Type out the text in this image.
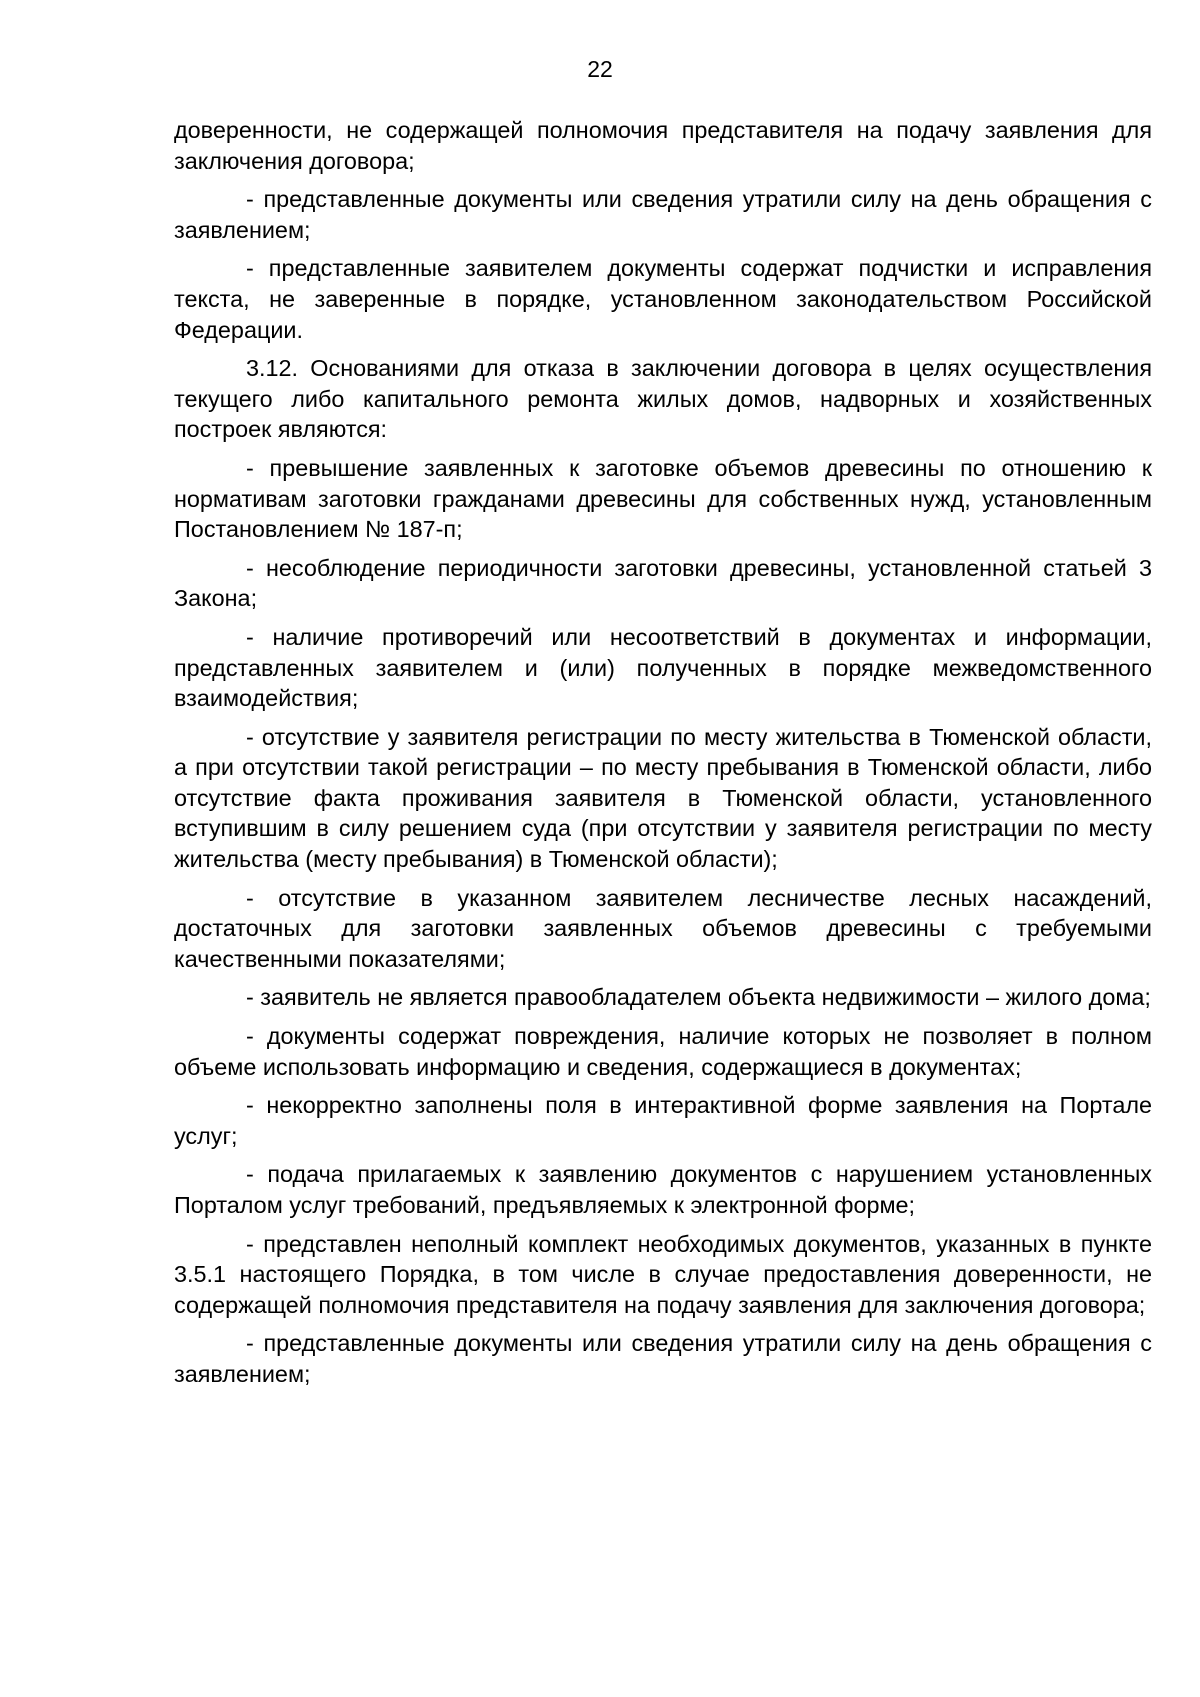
22

доверенности, не содержащей полномочия представителя на подачу заявления для заключения договора;

- представленные документы или сведения утратили силу на день обращения с заявлением;

- представленные заявителем документы содержат подчистки и исправления текста, не заверенные в порядке, установленном законодательством Российской Федерации.

3.12. Основаниями для отказа в заключении договора в целях осуществления текущего либо капитального ремонта жилых домов, надворных и хозяйственных построек являются:

- превышение заявленных к заготовке объемов древесины по отношению к нормативам заготовки гражданами древесины для собственных нужд, установленным Постановлением № 187-п;

- несоблюдение периодичности заготовки древесины, установленной статьей 3 Закона;

- наличие противоречий или несоответствий в документах и информации, представленных заявителем и (или) полученных в порядке межведомственного взаимодействия;

- отсутствие у заявителя регистрации по месту жительства в Тюменской области, а при отсутствии такой регистрации – по месту пребывания в Тюменской области, либо отсутствие факта проживания заявителя в Тюменской области, установленного вступившим в силу решением суда (при отсутствии у заявителя регистрации по месту жительства (месту пребывания) в Тюменской области);

- отсутствие в указанном заявителем лесничестве лесных насаждений, достаточных для заготовки заявленных объемов древесины с требуемыми качественными показателями;

- заявитель не является правообладателем объекта недвижимости – жилого дома;

- документы содержат повреждения, наличие которых не позволяет в полном объеме использовать информацию и сведения, содержащиеся в документах;

- некорректно заполнены поля в интерактивной форме заявления на Портале услуг;

- подача прилагаемых к заявлению документов с нарушением установленных Порталом услуг требований, предъявляемых к электронной форме;

- представлен неполный комплект необходимых документов, указанных в пункте 3.5.1 настоящего Порядка, в том числе в случае предоставления доверенности, не содержащей полномочия представителя на подачу заявления для заключения договора;

- представленные документы или сведения утратили силу на день обращения с заявлением;
